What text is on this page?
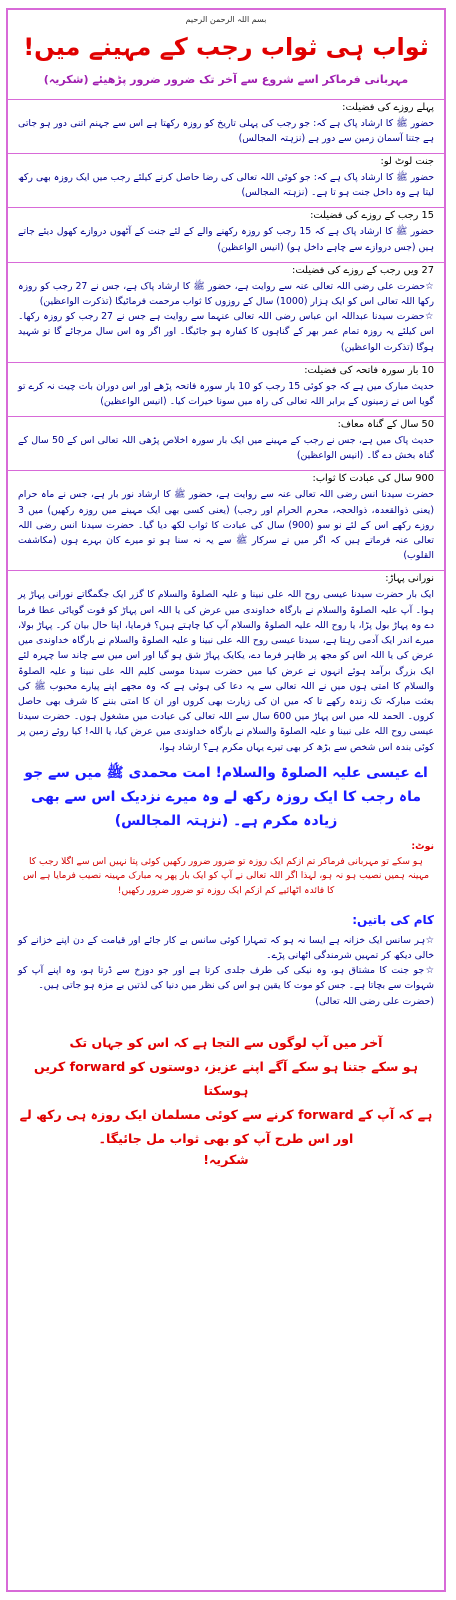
بسم اللہ الرحمن الرحیم
ثواب ہی ثواب رجب کے مہینے میں!
مہربانی فرماکر اسے شروع سے آخر تک ضرور ضرور پڑھیئے (شکریہ)
پہلے روزے کی فضیلت:
حضور ﷺ کا ارشاد پاک ہے کہ: جو رجب کی پہلی تاریخ کو روزہ رکھتا ہے اس سے جہنم اتنی دور ہو جاتی ہے جتنا آسمان زمین سے دور ہے (نزہتہ المجالس)
جنت لوٹ لو:
حضور ﷺ کا ارشاد پاک ہے کہ: جو کوئی اللہ تعالی کی رضا حاصل کرنے کیلئے رجب میں ایک روزہ بھی رکھ لیتا ہے وہ داخل جنت ہو تا ہے۔ (نزہتہ المجالس)
15 رجب کے روزے کی فضیلت:
حضور ﷺ کا ارشاد پاک ہے کہ 15 رجب کو روزہ رکھنے والے کے لئے جنت کے آٹھوں دروازے کھول دیئے جاتے ہیں (جس دروازے سے چاہے داخل ہو) (انیس الواعظین)
27 ویں رجب کے روزے کی فضیلت:
☆حضرت علی رضی اللہ تعالی عنہ سے روایت ہے، حضور ﷺ کا ارشاد پاک ہے، جس نے 27 رجب کو روزہ رکھا اللہ تعالی اس کو ایک ہزار (1000) سال کے روزوں کا ثواب مرحمت فرمائیگا (تذکرت الواعظین)
☆حضرت سیدنا عبداللہ ابن عباس رضی اللہ تعالی عنہما سے روایت ہے جس نے 27 رجب کو روزہ رکھا۔ اس کیلئے یہ روزہ تمام عمر بھر کے گناہوں کا کفارہ ہو جائیگا۔ اور اگر وہ اس سال مرجائے گا تو شہید ہوگا (تذکرت الواعظین)
10 بار سورہ فاتحہ کی فضیلت:
حدیث مبارک میں ہے کہ جو کوئی 15 رجب کو 10 بار سورہ فاتحہ پڑھے اور اس دوران بات چیت نہ کرے تو گویا اس نے زمینوں کے برابر اللہ تعالی کی راہ میں سونا خیرات کیا۔ (انیس الواعظین)
50 سال کے گناہ معاف:
حدیث پاک میں ہے، جس نے رجب کے مہینے میں ایک بار سورہ اخلاص پڑھی اللہ تعالی اس کے 50 سال کے گناہ بخش دے گا۔ (انیس الواعظین)
900 سال کی عبادت کا ثواب:
حضرت سیدنا انس رضی اللہ تعالی عنہ سے روایت ہے، حضور ﷺ کا ارشاد نور بار ہے، جس نے ماہ حرام (یعنی ذوالقعدہ، ذوالحجہ، محرم الحرام اور رجب) (یعنی کسی بھی ایک مہینے میں روزہ رکھیں) میں 3 روزے رکھے اس کے لئے نو سو (900) سال کی عبادت کا ثواب لکھ دیا گیا۔ حضرت سیدنا انس رضی اللہ تعالی عنہ فرماتے ہیں کہ اگر میں نے سرکار ﷺ سے یہ نہ سنا ہو تو میرے کان بہرے ہوں (مکاشفت القلوب)
نورانی پہاڑ:
ایک بار حضرت سیدنا عیسی روح اللہ علی نبینا و علیہ الصلوۃ والسلام کا گزر ایک جگمگاتے نورانی پہاڑ پر ہوا۔ آپ علیہ الصلوۃ والسلام نے بارگاہ خداوندی میں عرض کی یا اللہ اس پہاڑ کو قوت گویائی عطا فرما دے وہ پہاڑ بول پڑا، یا روح اللہ علیہ الصلوۃ والسلام آپ کیا چاہتے ہیں؟ فرمایا، اپنا حال بیان کر۔ پہاڑ بولا، میرے اندر ایک آدمی رہتا ہے، سیدنا عیسی روح اللہ علی نبینا و علیہ الصلوۃ والسلام نے بارگاہ خداوندی میں عرض کی یا اللہ اس کو مجھ پر ظاہر فرما دے، یکایک پہاڑ شق ہو گیا اور اس میں سے چاند سا چہرہ لئے ایک بزرگ برآمد ہوئے انہوں نے عرض کیا میں حضرت سیدنا موسی کلیم اللہ علی نبینا و علیہ الصلوۃ والسلام کا امتی ہوں میں نے اللہ تعالی سے یہ دعا کی ہوئی ہے کہ وہ مجھے اپنے پیارے محبوب ﷺ کی بعثت مبارکہ تک زندہ رکھے تا کہ میں ان کی زیارت بھی کروں اور ان کا امتی بننے کا شرف بھی حاصل کروں۔ الحمد للہ میں اس پہاڑ میں 600 سال سے اللہ تعالی کی عبادت میں مشغول ہوں۔ حضرت سیدنا عیسی روح اللہ علی نبینا و علیہ الصلوۃ والسلام نے بارگاہ خداوندی میں عرض کیا، یا اللہ! کیا روئے زمین پر کوئی بندہ اس شخص سے بڑھ کر بھی تیرے یہاں مکرم ہے؟ ارشاد ہوا،
اے عیسی علیہ الصلوۃ والسلام! امت محمدی ﷺ میں سے جو ماہ رجب کا ایک روزہ رکھ لے وہ میرے نزدیک اس سے بھی زیادہ مکرم ہے۔ (نزہتہ المجالس)
نوٹ:
ہو سکے تو مہربانی فرماکر تم ازکم ایک روزہ تو ضرور ضرور رکھیں کوئی پتا نہیں اس سے اگلا رجب کا مہینہ ہمیں نصیب ہو نہ ہو، لہذا اگر اللہ تعالی نے آپ کو ایک بار پھر یہ مبارک مہینہ نصیب فرمایا ہے اس کا فائدہ اٹھائیے کم ازکم ایک روزہ تو ضرور ضرور رکھیں!
کام کی باتیں:
☆ہر سانس ایک خزانہ ہے ایسا نہ ہو کہ تمہارا کوئی سانس بے کار جائے اور قیامت کے دن اپنے خزانے کو خالی دیکھ کر تمہیں شرمندگی اٹھانی پڑے۔
☆جو جنت کا مشتاق ہو، وہ نیکی کی طرف جلدی کرتا ہے اور جو دوزخ سے ڈرتا ہو، وہ اپنے آپ کو شہوات سے بچاتا ہے۔ جس کو موت کا یقین ہو اس کی نظر میں دنیا کی لذتیں بے مزہ ہو جاتی ہیں۔
(حضرت علی رضی اللہ تعالی)

آخر میں آپ لوگوں سے التجا ہے کہ اس کو جہاں تک

ہو سکے جتنا ہو سکے آگے اپنے عزیز، دوستوں کو forward کریں ہوسکتا

ہے کہ آپ کے forward کرنے سے کوئی مسلمان ایک روزہ ہی رکھ لے

اور اس طرح آپ کو بھی ثواب مل جائیگا۔

شکریہ!
